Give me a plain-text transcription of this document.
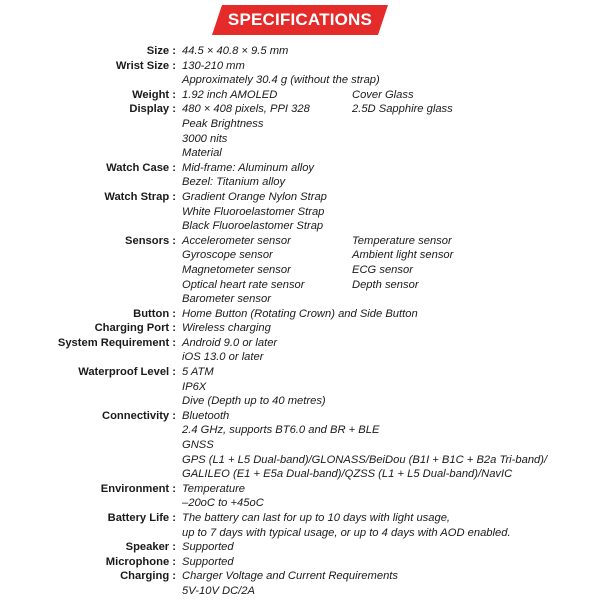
SPECIFICATIONS
Size : 44.5 × 40.8 × 9.5 mm
Wrist Size : 130-210 mm
Approximately 30.4 g (without the strap)
Weight : 1.92 inch AMOLED	Cover Glass
Display : 480 × 408 pixels, PPI 328	2.5D Sapphire glass
Peak Brightness
3000 nits
Material
Watch Case : Mid-frame: Aluminum alloy
Bezel: Titanium alloy
Watch Strap : Gradient Orange Nylon Strap
White Fluoroelastomer Strap
Black Fluoroelastomer Strap
Sensors : Accelerometer sensor	Temperature sensor
Gyroscope sensor	Ambient light sensor
Magnetometer sensor	ECG sensor
Optical heart rate sensor	Depth sensor
Barometer sensor
Button : Home Button (Rotating Crown) and Side Button
Charging Port : Wireless charging
System Requirement : Android 9.0 or later
iOS 13.0 or later
Waterproof Level : 5 ATM
IP6X
Dive (Depth up to 40 metres)
Connectivity : Bluetooth
2.4 GHz, supports BT6.0 and BR + BLE
GNSS
GPS (L1 + L5 Dual-band)/GLONASS/BeiDou (B1I + B1C + B2a Tri-band)/
GALILEO (E1 + E5a Dual-band)/QZSS (L1 + L5 Dual-band)/NavIC
Environment : Temperature
–20oC to +45oC
Battery Life : The battery can last for up to 10 days with light usage,
up to 7 days with typical usage, or up to 4 days with AOD enabled.
Speaker : Supported
Microphone : Supported
Charging : Charger Voltage and Current Requirements
5V-10V DC/2A
